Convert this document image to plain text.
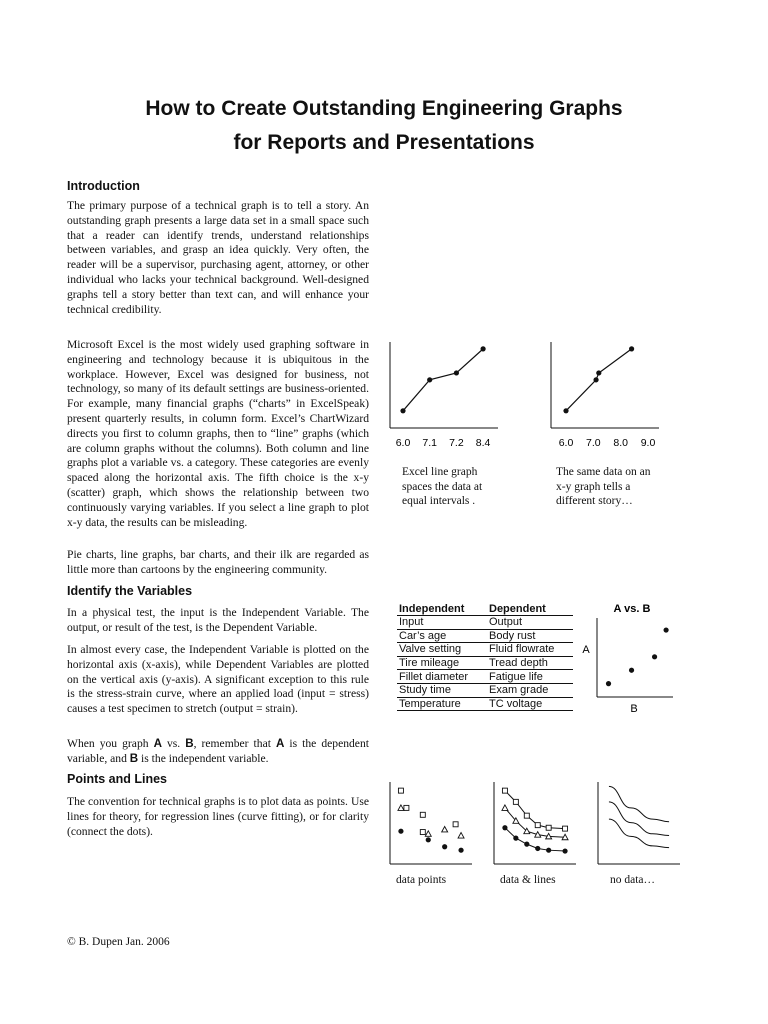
How to Create Outstanding Engineering Graphs
for Reports and Presentations
Introduction
The primary purpose of a technical graph is to tell a story. An outstanding graph presents a large data set in a small space such that a reader can identify trends, understand relationships between variables, and grasp an idea quickly. Very often, the reader will be a supervisor, purchasing agent, attorney, or other individual who lacks your technical background. Well-designed graphs tell a story better than text can, and will enhance your technical credibility.
Microsoft Excel is the most widely used graphing software in engineering and technology because it is ubiquitous in the workplace. However, Excel was designed for business, not technology, so many of its default settings are business-oriented. For example, many financial graphs (“charts” in ExcelSpeak) present quarterly results, in column form. Excel’s ChartWizard directs you first to column graphs, then to “line” graphs (which are column graphs without the columns). Both column and line graphs plot a variable vs. a category. These categories are evenly spaced along the horizontal axis. The fifth choice is the x-y (scatter) graph, which shows the relationship between two continuously varying variables. If you select a line graph to plot x-y data, the results can be misleading.
Pie charts, line graphs, bar charts, and their ilk are regarded as little more than cartoons by the engineering community.
Identify the Variables
In a physical test, the input is the Independent Variable. The output, or result of the test, is the Dependent Variable.
In almost every case, the Independent Variable is plotted on the horizontal axis (x-axis), while Dependent Variables are plotted on the vertical axis (y-axis). A significant exception to this rule is the stress-strain curve, where an applied load (input = stress) causes a test specimen to stretch (output = strain).
When you graph A vs. B, remember that A is the dependent variable, and B is the independent variable.
Points and Lines
The convention for technical graphs is to plot data as points. Use lines for theory, for regression lines (curve fitting), or for clarity (connect the dots).
6.0 7.1 7.2 8.4
Excel line graph spaces the data at equal intervals .
6.0 7.0 8.0 9.0
The same data on an x-y graph tells a different story…
Independent	Dependent
Input	Output
Car’s age	Body rust
Valve setting	Fluid flowrate
Tire mileage	Tread depth
Fillet diameter	Fatigue life
Study time	Exam grade
Temperature	TC voltage
A vs. B
A
B
data points	data & lines	no data…
© B. Dupen Jan. 2006
